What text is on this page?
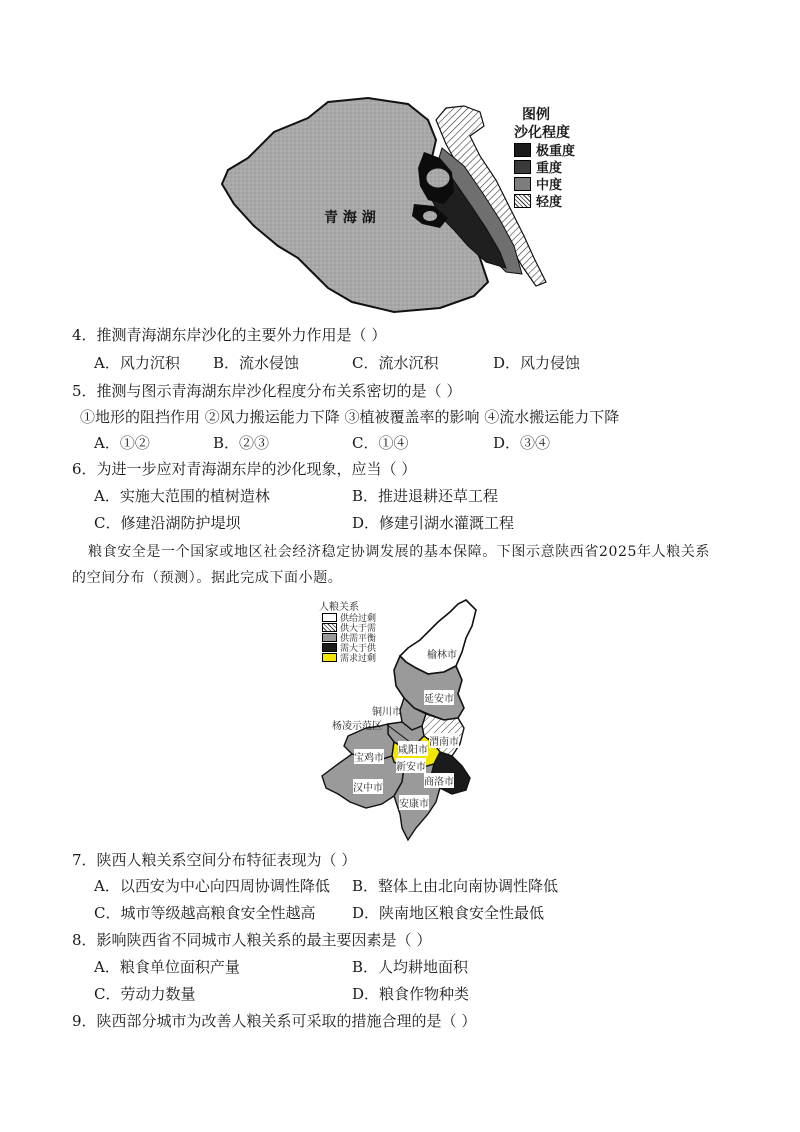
青 海 湖
图例
沙化程度
极重度
重度
中度
轻度
4．推测青海湖东岸沙化的主要外力作用是（ ）
A．风力沉积 B．流水侵蚀	C．流水沉积	D．风力侵蚀
5．推测与图示青海湖东岸沙化程度分布关系密切的是（ ）
①地形的阻挡作用 ②风力搬运能力下降 ③植被覆盖率的影响 ④流水搬运能力下降
A．①②	B．②③	C．①④	D．③④
6．为进一步应对青海湖东岸的沙化现象，应当（ ）
A．实施大范围的植树造林	B．推进退耕还草工程
C．修建沿湖防护堤坝	D．修建引湖水灌溉工程
粮食安全是一个国家或地区社会经济稳定协调发展的基本保障。下图示意陕西省2025年人粮关系
的空间分布（预测）。据此完成下面小题。
人粮关系
供给过剩
供大于需
供需平衡
需大于供
需求过剩	榆林市
延安市
铜川市
杨凌示范区
渭南市
咸阳市
宝鸡市
新安市
商洛市
汉中市
安康市
7．陕西人粮关系空间分布特征表现为（ ）
A．以西安为中心向四周协调性降低 B．整体上由北向南协调性降低
C．城市等级越高粮食安全性越高 D．陕南地区粮食安全性最低
8．影响陕西省不同城市人粮关系的最主要因素是（ ）
A．粮食单位面积产量	B．人均耕地面积
C．劳动力数量	D．粮食作物种类
9．陕西部分城市为改善人粮关系可采取的措施合理的是（ ）
